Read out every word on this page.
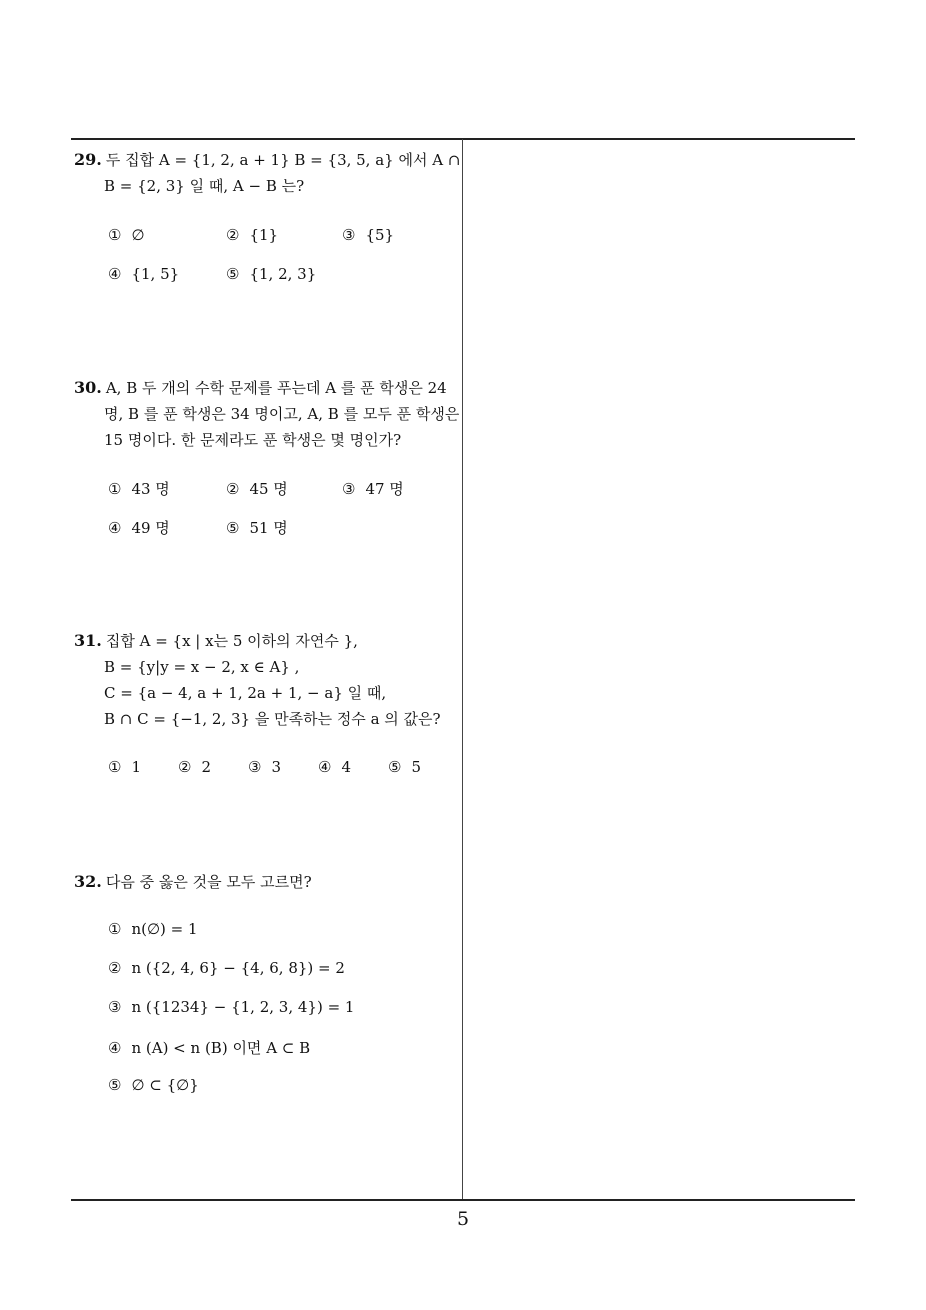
29. 두 집합 A = {1, 2, a + 1} B = {3, 5, a} 에서 A ∩
B = {2, 3} 일 때, A − B 는?
① ∅	② {1}	③ {5}
④ {1, 5}	⑤ {1, 2, 3}
30. A, B 두 개의 수학 문제를 푸는데 A 를 푼 학생은 24
명, B 를 푼 학생은 34 명이고, A, B 를 모두 푼 학생은
15 명이다. 한 문제라도 푼 학생은 몇 명인가?
① 43 명	② 45 명	③ 47 명
④ 49 명	⑤ 51 명
31. 집합 A = {x | x는 5 이하의 자연수 },
B = {y|y = x − 2, x ∈ A} ,
C = {a − 4, a + 1, 2a + 1, − a} 일 때,
B ∩ C = {−1, 2, 3} 을 만족하는 정수 a 의 값은?
① 1 ② 2 ③ 3 ④ 4 ⑤ 5
32. 다음 중 옳은 것을 모두 고르면?
① n(∅) = 1
② n ({2, 4, 6} − {4, 6, 8}) = 2
③ n ({1234} − {1, 2, 3, 4}) = 1
④ n (A) < n (B) 이면 A ⊂ B
⑤ ∅ ⊂ {∅}
5
